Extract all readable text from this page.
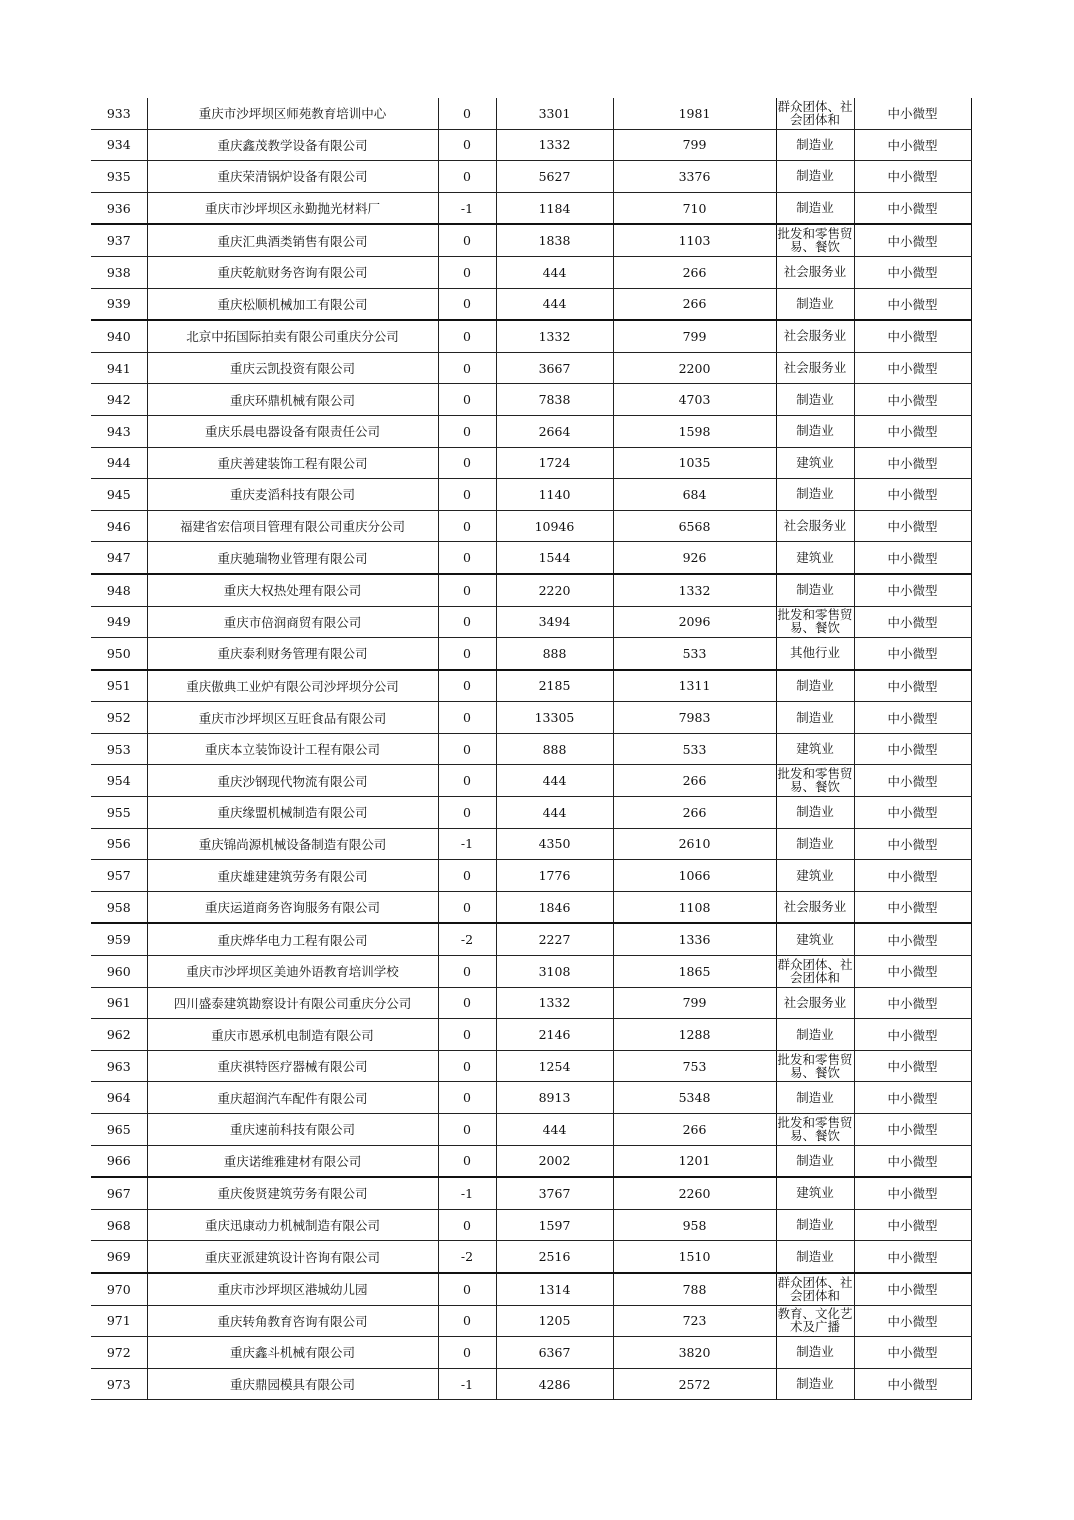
933	重庆市沙坪坝区师苑教育培训中心	0	3301	1981	群众团体、社会团体和	中小微型
934	重庆鑫茂教学设备有限公司	0	1332	799	制造业	中小微型
935	重庆荣清锅炉设备有限公司	0	5627	3376	制造业	中小微型
936	重庆市沙坪坝区永勤抛光材料厂	-1	1184	710	制造业	中小微型
937	重庆汇典酒类销售有限公司	0	1838	1103	批发和零售贸易、餐饮	中小微型
938	重庆乾航财务咨询有限公司	0	444	266	社会服务业	中小微型
939	重庆松顺机械加工有限公司	0	444	266	制造业	中小微型
940	北京中拓国际拍卖有限公司重庆分公司	0	1332	799	社会服务业	中小微型
941	重庆云凯投资有限公司	0	3667	2200	社会服务业	中小微型
942	重庆环鼎机械有限公司	0	7838	4703	制造业	中小微型
943	重庆乐晨电器设备有限责任公司	0	2664	1598	制造业	中小微型
944	重庆善建装饰工程有限公司	0	1724	1035	建筑业	中小微型
945	重庆麦滔科技有限公司	0	1140	684	制造业	中小微型
946	福建省宏信项目管理有限公司重庆分公司	0	10946	6568	社会服务业	中小微型
947	重庆驰瑞物业管理有限公司	0	1544	926	建筑业	中小微型
948	重庆大权热处理有限公司	0	2220	1332	制造业	中小微型
949	重庆市倍润商贸有限公司	0	3494	2096	批发和零售贸易、餐饮	中小微型
950	重庆泰利财务管理有限公司	0	888	533	其他行业	中小微型
951	重庆傲典工业炉有限公司沙坪坝分公司	0	2185	1311	制造业	中小微型
952	重庆市沙坪坝区互旺食品有限公司	0	13305	7983	制造业	中小微型
953	重庆本立装饰设计工程有限公司	0	888	533	建筑业	中小微型
954	重庆沙钢现代物流有限公司	0	444	266	批发和零售贸易、餐饮	中小微型
955	重庆缘盟机械制造有限公司	0	444	266	制造业	中小微型
956	重庆锦尚源机械设备制造有限公司	-1	4350	2610	制造业	中小微型
957	重庆雄建建筑劳务有限公司	0	1776	1066	建筑业	中小微型
958	重庆运道商务咨询服务有限公司	0	1846	1108	社会服务业	中小微型
959	重庆烨华电力工程有限公司	-2	2227	1336	建筑业	中小微型
960	重庆市沙坪坝区美迪外语教育培训学校	0	3108	1865	群众团体、社会团体和	中小微型
961	四川盛泰建筑勘察设计有限公司重庆分公司	0	1332	799	社会服务业	中小微型
962	重庆市恩承机电制造有限公司	0	2146	1288	制造业	中小微型
963	重庆祺特医疗器械有限公司	0	1254	753	批发和零售贸易、餐饮	中小微型
964	重庆超润汽车配件有限公司	0	8913	5348	制造业	中小微型
965	重庆速前科技有限公司	0	444	266	批发和零售贸易、餐饮	中小微型
966	重庆诺维雅建材有限公司	0	2002	1201	制造业	中小微型
967	重庆俊贤建筑劳务有限公司	-1	3767	2260	建筑业	中小微型
968	重庆迅康动力机械制造有限公司	0	1597	958	制造业	中小微型
969	重庆亚派建筑设计咨询有限公司	-2	2516	1510	制造业	中小微型
970	重庆市沙坪坝区港城幼儿园	0	1314	788	群众团体、社会团体和	中小微型
971	重庆转角教育咨询有限公司	0	1205	723	教育、文化艺术及广播	中小微型
972	重庆鑫斗机械有限公司	0	6367	3820	制造业	中小微型
973	重庆鼎园模具有限公司	-1	4286	2572	制造业	中小微型
